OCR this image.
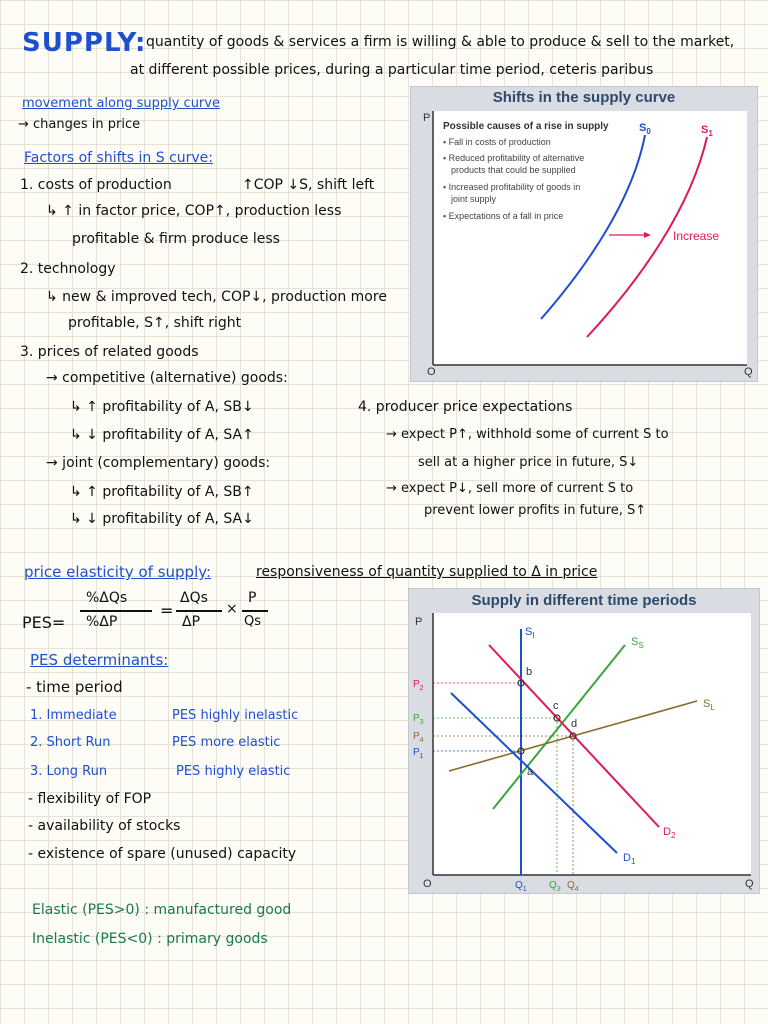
SUPPLY: quantity of goods & services a firm is willing & able to produce & sell to the market,
at different possible prices, during a particular time period, ceteris paribus
movement along supply curve
→ changes in price
Factors of shifts in S curve:
1. costs of production	↑COP ↓S, shift left
↳ ↑ in factor price, COP↑, production less
profitable & firm produce less
2. technology
↳ new & improved tech, COP↓, production more
profitable, S↑, shift right
3. prices of related goods
→ competitive (alternative) goods:
↳ ↑ profitability of A, SB↓
↳ ↓ profitability of A, SA↑
→ joint (complementary) goods:
↳ ↑ profitability of A, SB↑
↳ ↓ profitability of A, SA↓
4. producer price expectations
→ expect P↑, withhold some of current S to
sell at a higher price in future, S↓
→ expect P↓, sell more of current S to
prevent lower profits in future, S↑
Shifts in the supply curve
P
O	Q
$S_0$	$S_1$
Increase
Possible causes of a rise in supply
• Fall in costs of production
• Reduced profitability of alternative
products that could be supplied
• Increased profitability of goods in
joint supply
• Expectations of a fall in price
price elasticity of supply:	responsiveness of quantity supplied to Δ in price
PES=
%ΔQs
%ΔP
=
ΔQs
ΔP
×
P
Qs
PES determinants:
- time period
1. Immediate	PES highly inelastic
2. Short Run	PES more elastic
3. Long Run	PES highly elastic
- flexibility of FOP
- availability of stocks
- existence of spare (unused) capacity
Elastic (PES>0) : manufactured good
Inelastic (PES<0) : primary goods
Supply in different time periods
P
O	Q
a
b
c
d
$S_I$
$S_S$
$S_L$
$D_1$
$D_2$
$P_2$
$P_3$
$P_4$
$P_1$
$Q_1$ $Q_3$ $Q_4$
